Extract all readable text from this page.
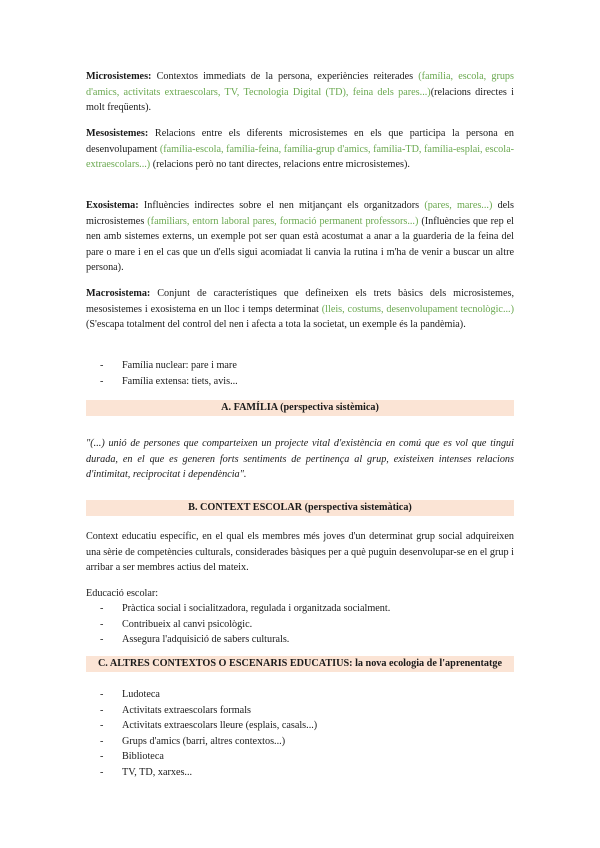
Microsistemes: Contextos immediats de la persona, experiències reiterades (família, escola, grups d'amics, activitats extraescolars, TV, Tecnologia Digital (TD), feina dels pares...)(relacions directes i molt freqüents).

Mesosistemes: Relacions entre els diferents microsistemes en els que participa la persona en desenvolupament (família-escola, família-feina, família-grup d'amics, família-TD, família-esplai, escola-extraescolars...) (relacions però no tant directes, relacions entre microsistemes).

Exosistema: Influències indirectes sobre el nen mitjançant els organitzadors (pares, mares...) dels microsistemes (familiars, entorn laboral pares, formació permanent professors...) (Influències que rep el nen amb sistemes externs, un exemple pot ser quan està acostumat a anar a la guarderia de la feina del pare o mare i en el cas que un d'ells sigui acomiadat li canvia la rutina i m'ha de venir a buscar un altre persona).

Macrosistema: Conjunt de característiques que defineixen els trets bàsics dels microsistemes, mesosistemes i exosistema en un lloc i temps determinat (lleis, costums, desenvolupament tecnològic...) (S'escapa totalment del control del nen i afecta a tota la societat, un exemple és la pandèmia).

- Família nuclear: pare i mare
- Família extensa: tiets, avis...
A. FAMÍLIA (perspectiva sistèmica)

"(...) unió de persones que comparteixen un projecte vital d'existència en comú que es vol que tingui durada, en el que es generen forts sentiments de pertinença al grup, existeixen intenses relacions d'intimitat, reciprocitat i dependència".

B. CONTEXT ESCOLAR (perspectiva sistemàtica)

Context educatiu específic, en el qual els membres més joves d'un determinat grup social adquireixen una sèrie de competències culturals, considerades bàsiques per a què puguin desenvolupar-se en el grup i arribar a ser membres actius del mateix.

Educació escolar:

- Pràctica social i socialitzadora, regulada i organitzada socialment.
- Contribueix al canvi psicològic.
- Assegura l'adquisició de sabers culturals.
C. ALTRES CONTEXTOS O ESCENARIS EDUCATIUS: la nova ecologia de l'aprenentatge
- Ludoteca
- Activitats extraescolars formals
- Activitats extraescolars lleure (esplais, casals...)
- Grups d'amics (barri, altres contextos...)
- Biblioteca
- TV, TD, xarxes...
